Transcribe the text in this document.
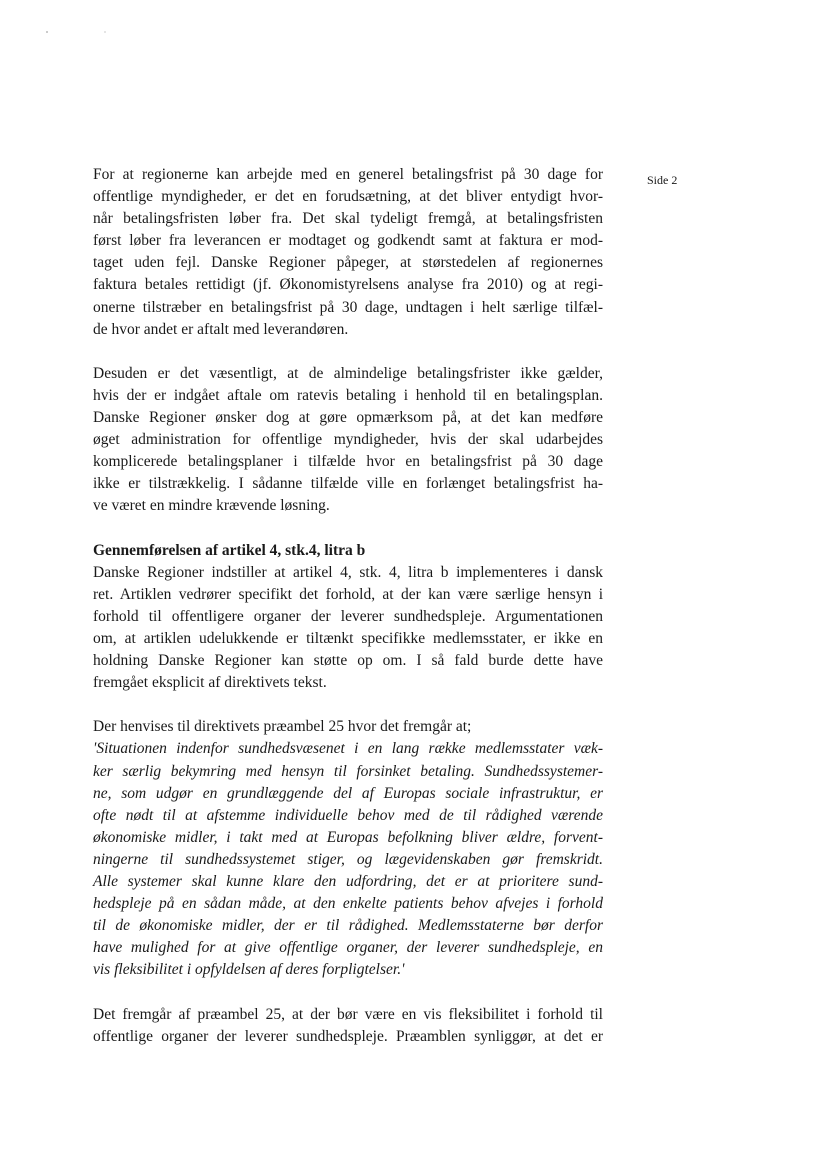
Side 2
For at regionerne kan arbejde med en generel betalingsfrist på 30 dage for
offentlige myndigheder, er det en forudsætning, at det bliver entydigt hvor-
når betalingsfristen løber fra. Det skal tydeligt fremgå, at betalingsfristen
først løber fra leverancen er modtaget og godkendt samt at faktura er mod-
taget uden fejl. Danske Regioner påpeger, at størstedelen af regionernes
faktura betales rettidigt (jf. Økonomistyrelsens analyse fra 2010) og at regi-
onerne tilstræber en betalingsfrist på 30 dage, undtagen i helt særlige tilfæl-
de hvor andet er aftalt med leverandøren.
Desuden er det væsentligt, at de almindelige betalingsfrister ikke gælder,
hvis der er indgået aftale om ratevis betaling i henhold til en betalingsplan.
Danske Regioner ønsker dog at gøre opmærksom på, at det kan medføre
øget administration for offentlige myndigheder, hvis der skal udarbejdes
komplicerede betalingsplaner i tilfælde hvor en betalingsfrist på 30 dage
ikke er tilstrækkelig. I sådanne tilfælde ville en forlænget betalingsfrist ha-
ve været en mindre krævende løsning.
Gennemførelsen af artikel 4, stk.4, litra b
Danske Regioner indstiller at artikel 4, stk. 4, litra b implementeres i dansk
ret. Artiklen vedrører specifikt det forhold, at der kan være særlige hensyn i
forhold til offentligere organer der leverer sundhedspleje. Argumentationen
om, at artiklen udelukkende er tiltænkt specifikke medlemsstater, er ikke en
holdning Danske Regioner kan støtte op om. I så fald burde dette have
fremgået eksplicit af direktivets tekst.
Der henvises til direktivets præambel 25 hvor det fremgår at;
'Situationen indenfor sundhedsvæsenet i en lang række medlemsstater væk-
ker særlig bekymring med hensyn til forsinket betaling. Sundhedssystemer-
ne, som udgør en grundlæggende del af Europas sociale infrastruktur, er
ofte nødt til at afstemme individuelle behov med de til rådighed værende
økonomiske midler, i takt med at Europas befolkning bliver ældre, forvent-
ningerne til sundhedssystemet stiger, og lægevidenskaben gør fremskridt.
Alle systemer skal kunne klare den udfordring, det er at prioritere sund-
hedspleje på en sådan måde, at den enkelte patients behov afvejes i forhold
til de økonomiske midler, der er til rådighed. Medlemsstaterne bør derfor
have mulighed for at give offentlige organer, der leverer sundhedspleje, en
vis fleksibilitet i opfyldelsen af deres forpligtelser.'
Det fremgår af præambel 25, at der bør være en vis fleksibilitet i forhold til
offentlige organer der leverer sundhedspleje. Præamblen synliggør, at det er
